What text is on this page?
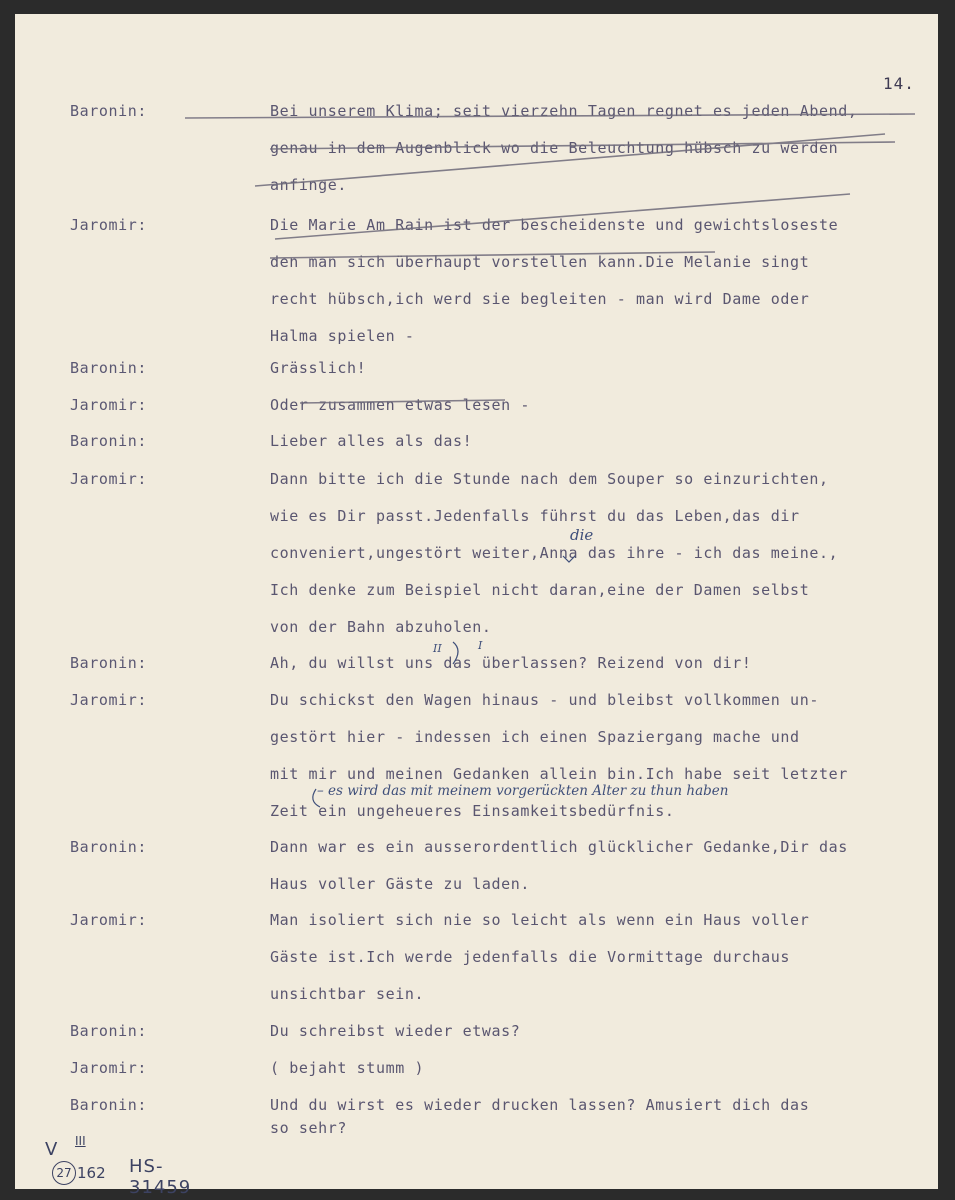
14.
Baronin:	Bei unserem Klima; seit vierzehn Tagen regnet es jeden Abend,
genau in dem Augenblick wo die Beleuchtung hübsch zu werden
anfinge.
Jaromir:	Die Marie Am Rain ist der bescheidenste und gewichtsloseste
den man sich überhaupt vorstellen kann.Die Melanie singt
recht hübsch,ich werd sie begleiten - man wird Dame oder
Halma spielen -
Baronin:	Grässlich!
Jaromir:	Oder zusammen etwas lesen -
Baronin:	Lieber alles als das!
Jaromir:	Dann bitte ich die Stunde nach dem Souper so einzurichten,
wie es Dir passt.Jedenfalls führst du das Leben,das dir
conveniert,ungestört weiter,Anna das ihre - ich das meine.,
Ich denke zum Beispiel nicht daran,eine der Damen selbst
von der Bahn abzuholen.
Baronin:	Ah, du willst uns das überlassen? Reizend von dir!
Jaromir:	Du schickst den Wagen hinaus - und bleibst vollkommen un-
gestört hier - indessen ich einen Spaziergang mache und
mit mir und meinen Gedanken allein bin.Ich habe seit letzter
Zeit ein ungeheueres Einsamkeitsbedürfnis.
Baronin:	Dann war es ein ausserordentlich glücklicher Gedanke,Dir das
Haus voller Gäste zu laden.
Jaromir:	Man isoliert sich nie so leicht als wenn ein Haus voller
Gäste ist.Ich werde jedenfalls die Vormittage durchaus
unsichtbar sein.
Baronin:	Du schreibst wieder etwas?
Jaromir:	( bejaht stumm )
Baronin:	Und du wirst es wieder drucken lassen? Amusiert dich das
so sehr?
die
II	I
– es wird das mit meinem vorgerückten Alter zu thun haben
V III
27 162 HS-31459
